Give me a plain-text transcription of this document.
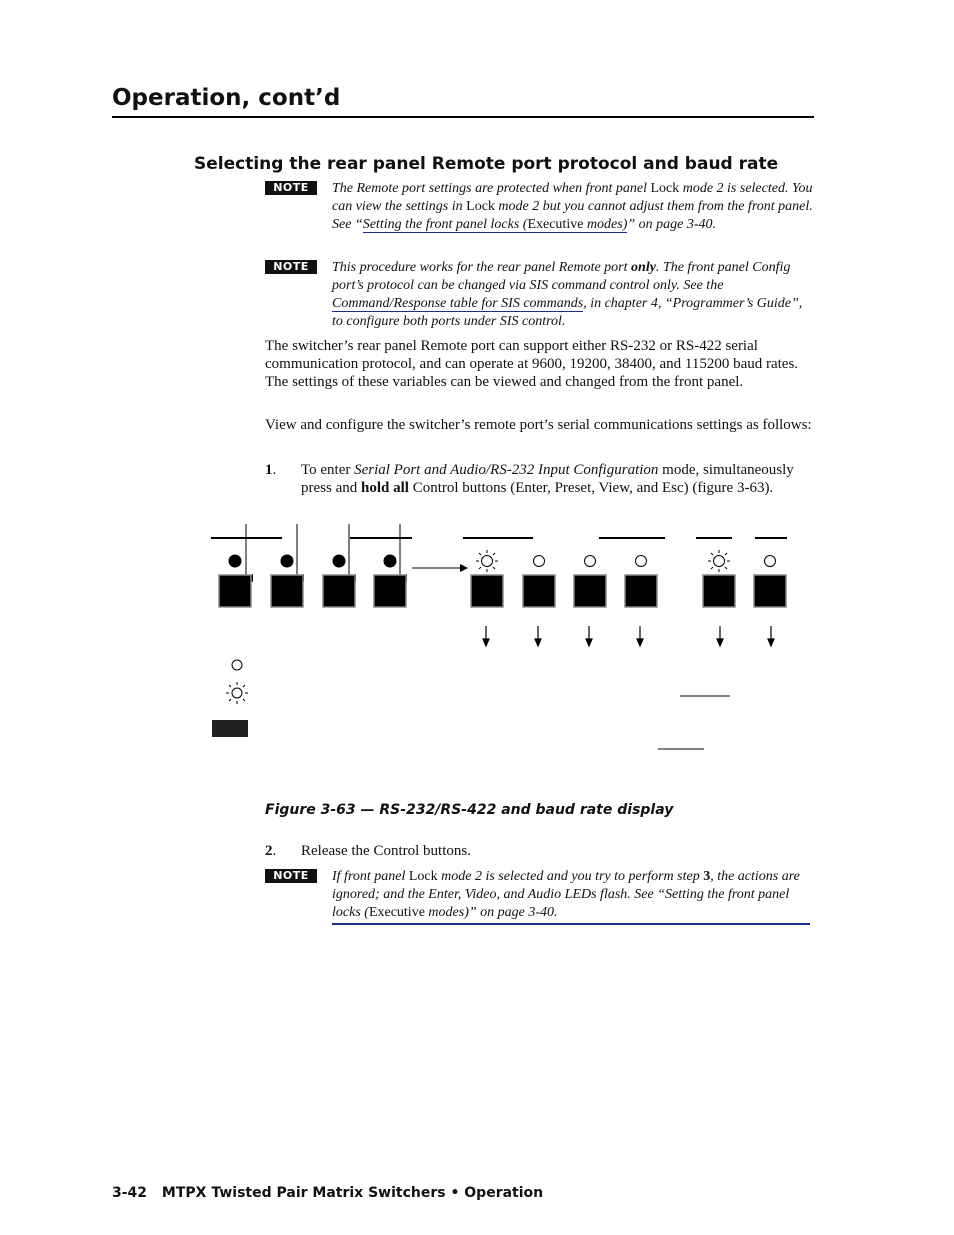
Operation, cont’d
Selecting the rear panel Remote port protocol and baud rate
NOTE	The Remote port settings are protected when front panel Lock mode 2 is selected. You can view the settings in Lock mode 2 but you cannot adjust them from the front panel. See “Setting the front panel locks (Executive modes)” on page 3-40.
NOTE	This procedure works for the rear panel Remote port only. The front panel Config port’s protocol can be changed via SIS command control only. See the Command/Response table for SIS commands, in chapter 4, “Programmer’s Guide”, to configure both ports under SIS control.

The switcher’s rear panel Remote port can support either RS-232 or RS-422 serial communication protocol, and can operate at 9600, 19200, 38400, and 115200 baud rates. The settings of these variables can be viewed and changed from the front panel.

View and configure the switcher’s remote port’s serial communications settings as follows:

1. To enter Serial Port and Audio/RS-232 Input Configuration mode, simultaneously press and hold all Control buttons (Enter, Preset, View, and Esc) (figure 3-63).

Figure 3-63 — RS-232/RS-422 and baud rate display

2. Release the Control buttons.
NOTE	If front panel Lock mode 2 is selected and you try to perform step 3, the actions are ignored; and the Enter, Video, and Audio LEDs flash. See “Setting the front panel locks (Executive modes)” on page 3-40.
3-42 MTPX Twisted Pair Matrix Switchers • Operation
